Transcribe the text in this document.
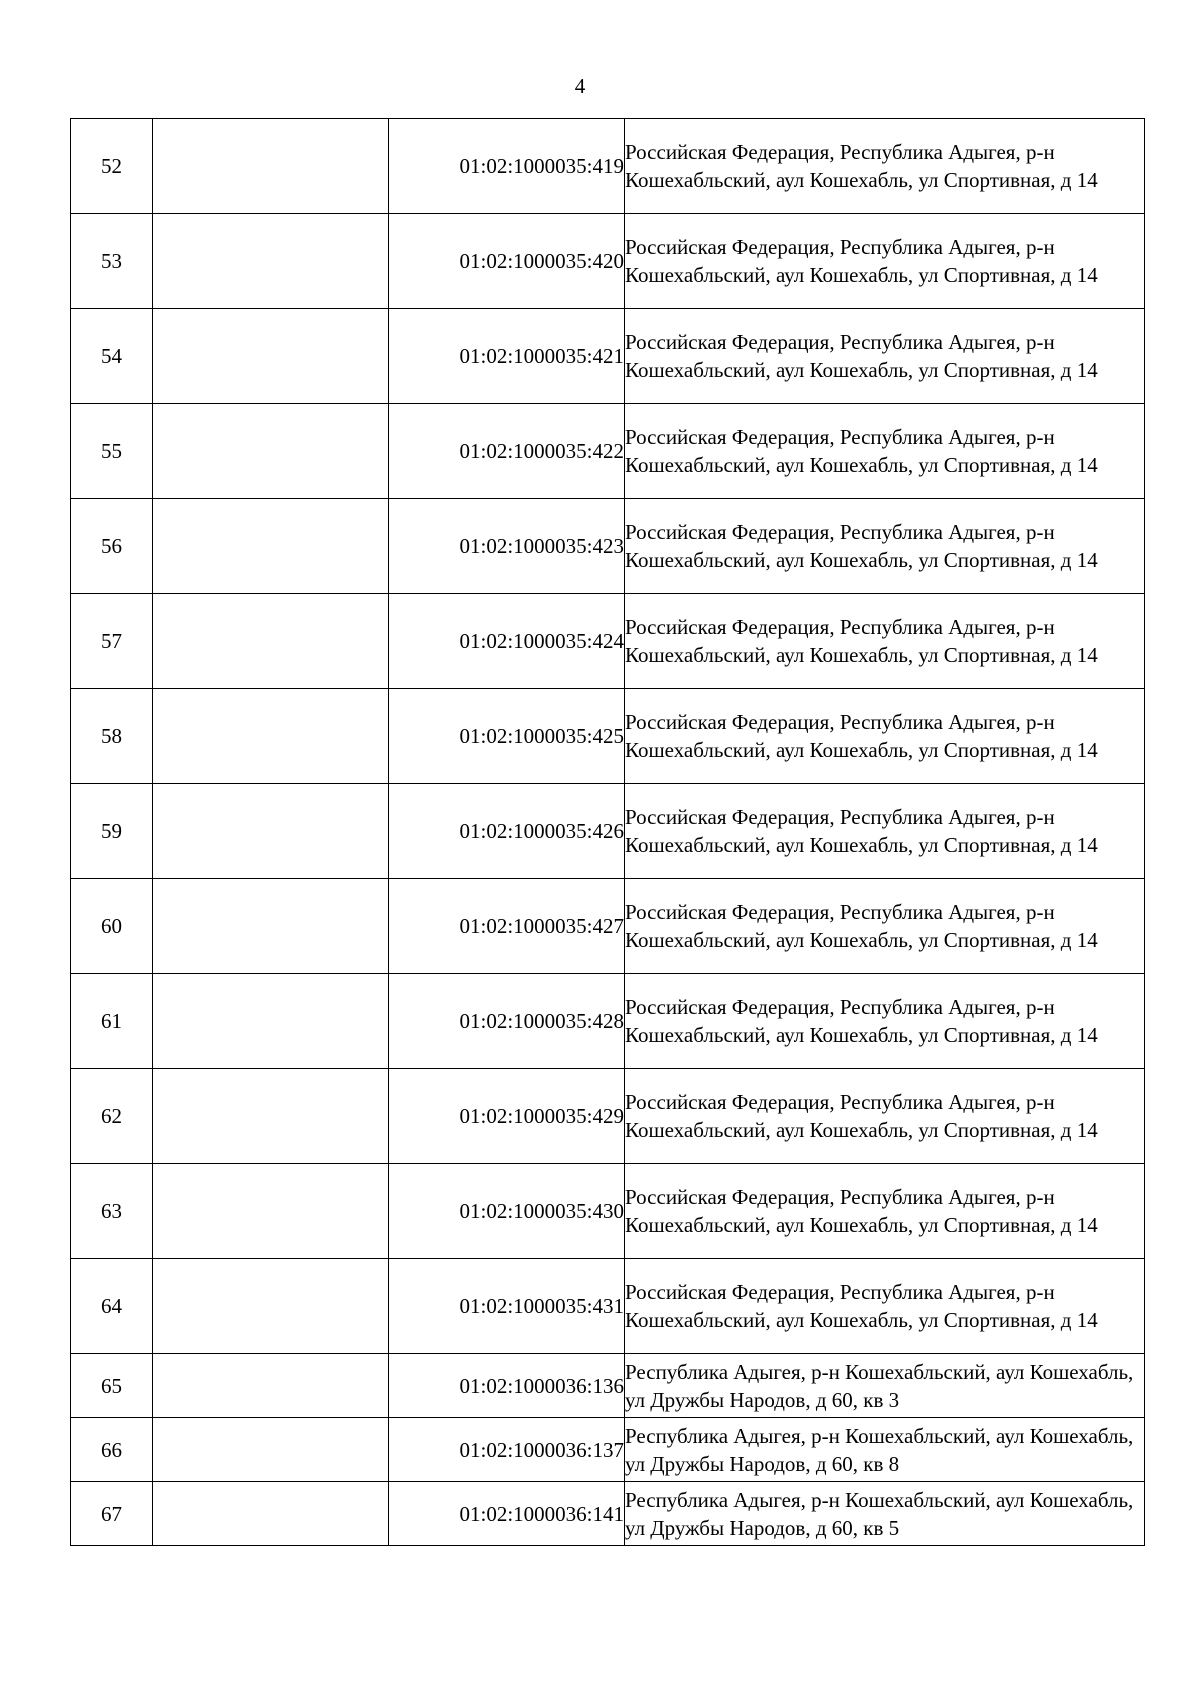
4
52		01:02:1000035:419	Российская Федерация, Республика Адыгея, р-н Кошехабльский, аул Кошехабль, ул Спортивная, д 14
53		01:02:1000035:420	Российская Федерация, Республика Адыгея, р-н Кошехабльский, аул Кошехабль, ул Спортивная, д 14
54		01:02:1000035:421	Российская Федерация, Республика Адыгея, р-н Кошехабльский, аул Кошехабль, ул Спортивная, д 14
55		01:02:1000035:422	Российская Федерация, Республика Адыгея, р-н Кошехабльский, аул Кошехабль, ул Спортивная, д 14
56		01:02:1000035:423	Российская Федерация, Республика Адыгея, р-н Кошехабльский, аул Кошехабль, ул Спортивная, д 14
57		01:02:1000035:424	Российская Федерация, Республика Адыгея, р-н Кошехабльский, аул Кошехабль, ул Спортивная, д 14
58		01:02:1000035:425	Российская Федерация, Республика Адыгея, р-н Кошехабльский, аул Кошехабль, ул Спортивная, д 14
59		01:02:1000035:426	Российская Федерация, Республика Адыгея, р-н Кошехабльский, аул Кошехабль, ул Спортивная, д 14
60		01:02:1000035:427	Российская Федерация, Республика Адыгея, р-н Кошехабльский, аул Кошехабль, ул Спортивная, д 14
61		01:02:1000035:428	Российская Федерация, Республика Адыгея, р-н Кошехабльский, аул Кошехабль, ул Спортивная, д 14
62		01:02:1000035:429	Российская Федерация, Республика Адыгея, р-н Кошехабльский, аул Кошехабль, ул Спортивная, д 14
63		01:02:1000035:430	Российская Федерация, Республика Адыгея, р-н Кошехабльский, аул Кошехабль, ул Спортивная, д 14
64		01:02:1000035:431	Российская Федерация, Республика Адыгея, р-н Кошехабльский, аул Кошехабль, ул Спортивная, д 14
65		01:02:1000036:136	Республика Адыгея, р-н Кошехабльский, аул Кошехабль, ул Дружбы Народов, д 60, кв 3
66		01:02:1000036:137	Республика Адыгея, р-н Кошехабльский, аул Кошехабль, ул Дружбы Народов, д 60, кв 8
67		01:02:1000036:141	Республика Адыгея, р-н Кошехабльский, аул Кошехабль, ул Дружбы Народов, д 60, кв 5
